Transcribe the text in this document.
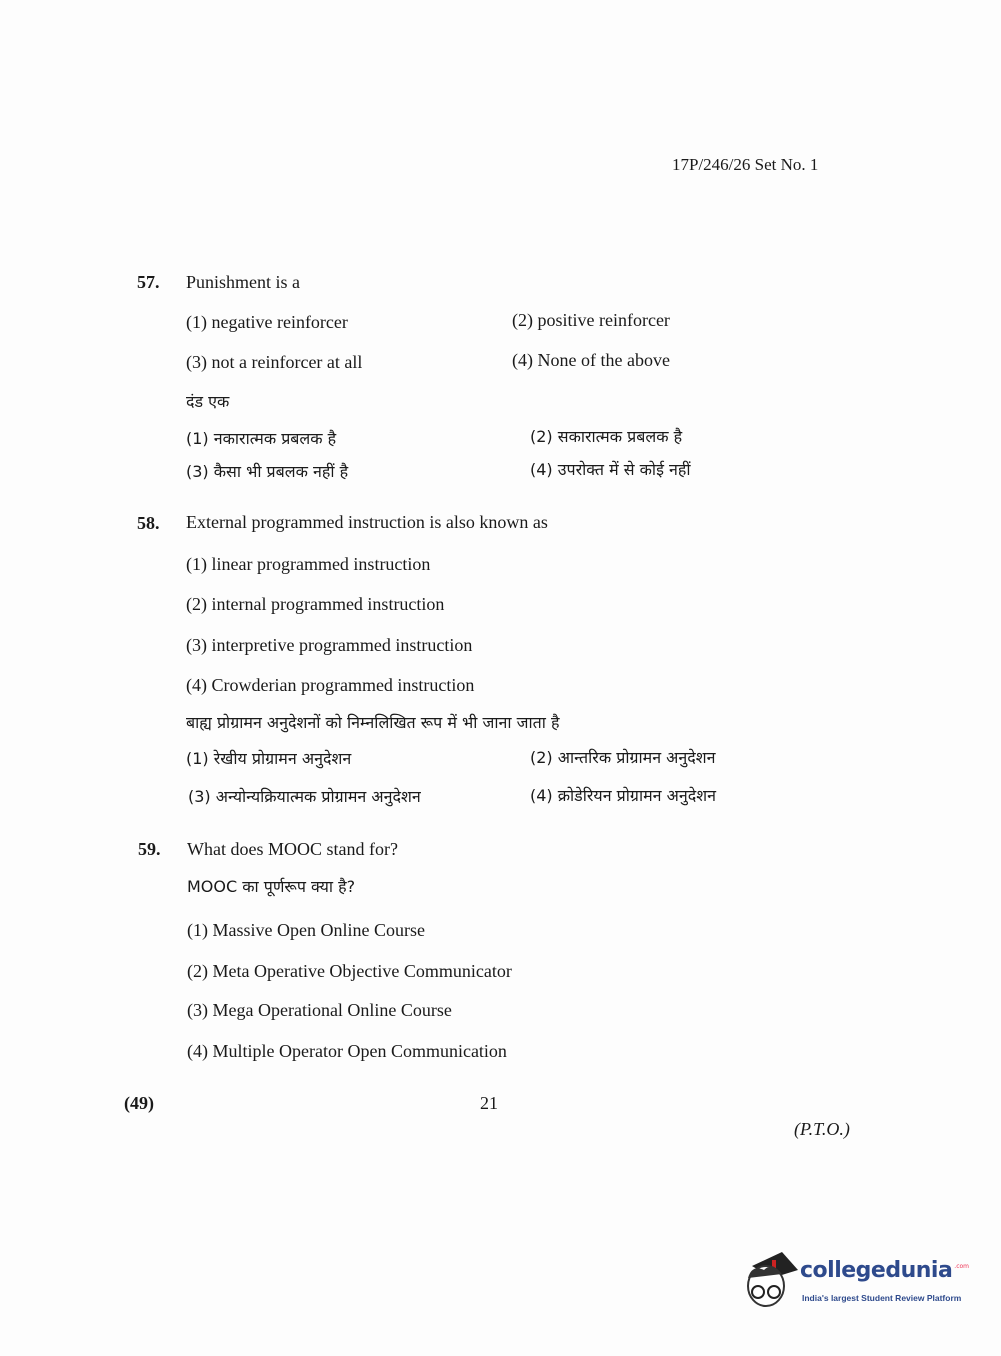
17P/246/26 Set No. 1
57. Punishment is a
(1) negative reinforcer	(2) positive reinforcer
(3) not a reinforcer at all	(4) None of the above
दंड एक
(1) नकारात्मक प्रबलक है	(2) सकारात्मक प्रबलक है
(3) कैसा भी प्रबलक नहीं है	(4) उपरोक्त में से कोई नहीं
58. External programmed instruction is also known as
(1) linear programmed instruction
(2) internal programmed instruction
(3) interpretive programmed instruction
(4) Crowderian programmed instruction
बाह्य प्रोग्रामन अनुदेशनों को निम्नलिखित रूप में भी जाना जाता है
(1) रेखीय प्रोग्रामन अनुदेशन	(2) आन्तरिक प्रोग्रामन अनुदेशन
(3) अन्योन्यक्रियात्मक प्रोग्रामन अनुदेशन	(4) क्रोडेरियन प्रोग्रामन अनुदेशन
59. What does MOOC stand for?
MOOC का पूर्णरूप क्या है?
(1) Massive Open Online Course
(2) Meta Operative Objective Communicator
(3) Mega Operational Online Course
(4) Multiple Operator Open Communication
(49)	21
(P.T.O.)
collegedunia .com
India's largest Student Review Platform
